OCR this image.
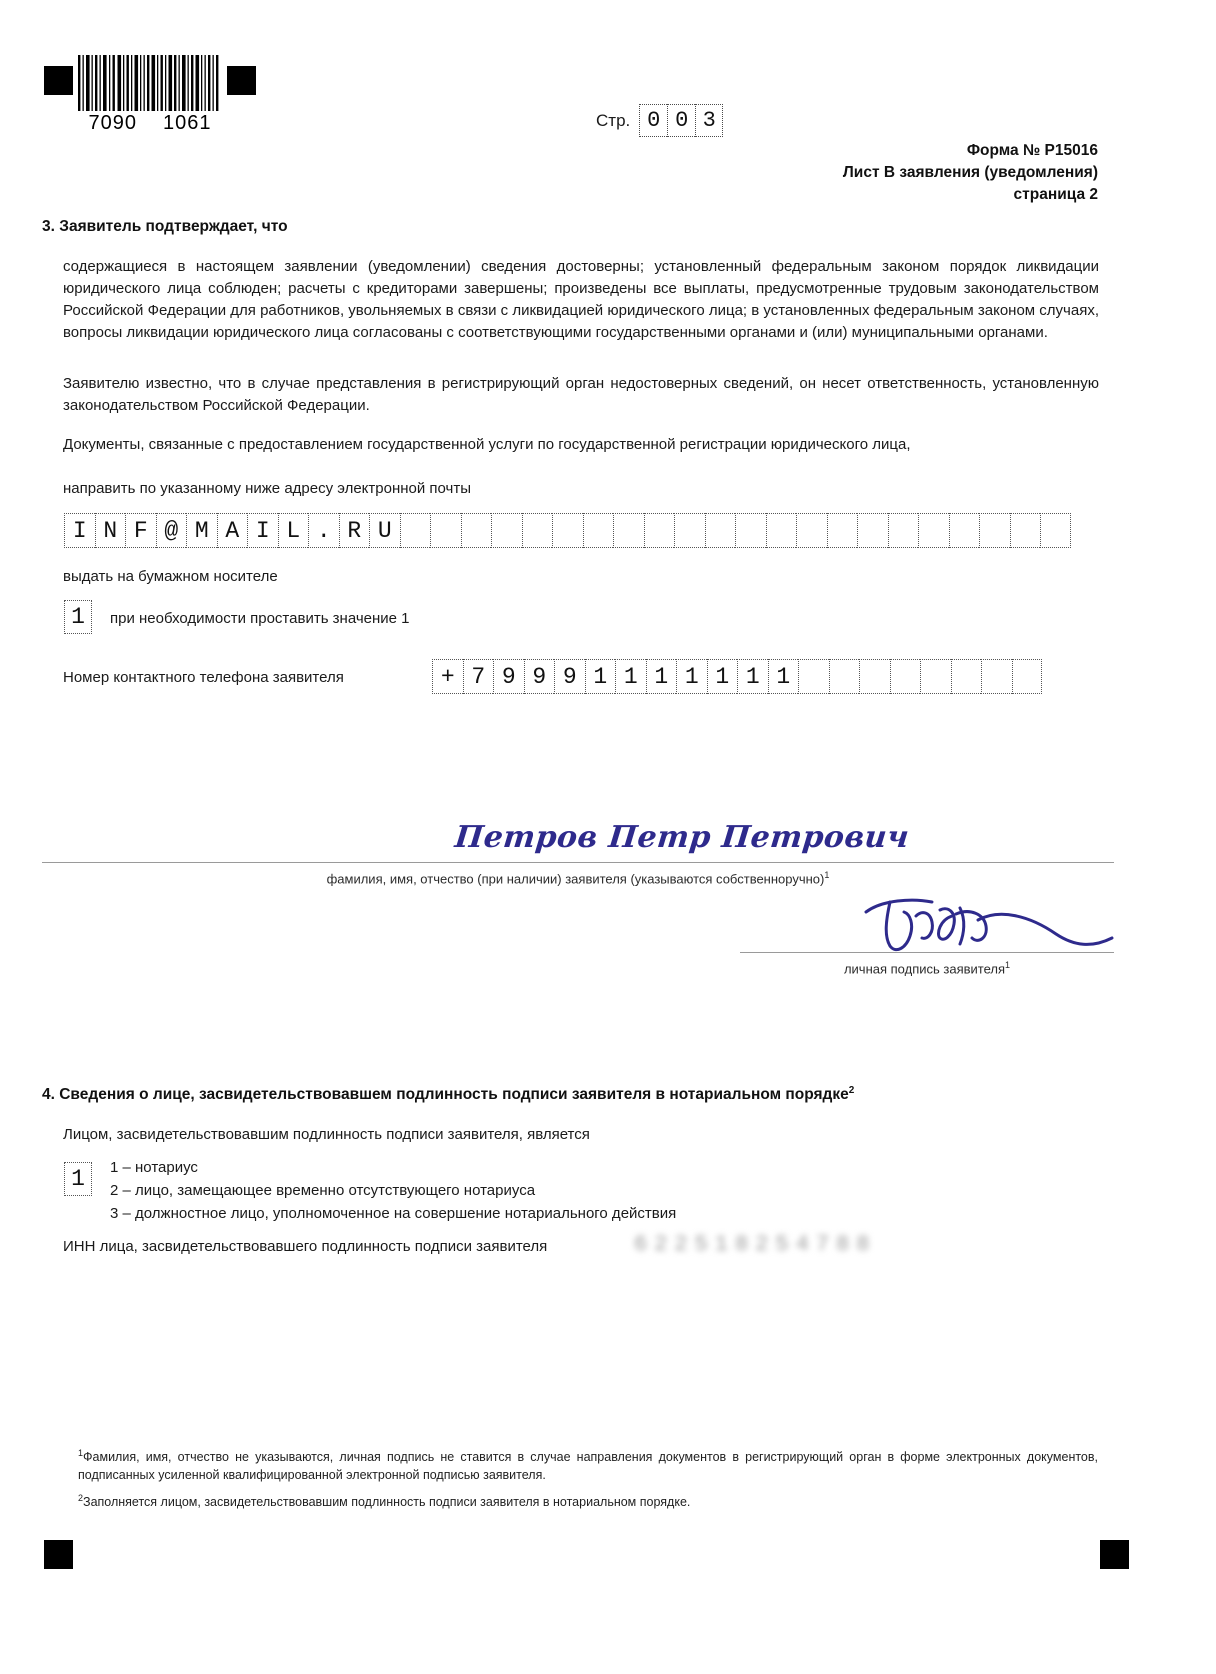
7090 1061	Стр. 0 0 3
Форма № Р15016
Лист В заявления (уведомления)
страница 2
3. Заявитель подтверждает, что
содержащиеся в настоящем заявлении (уведомлении) сведения достоверны; установленный федеральным законом порядок ликвидации юридического лица соблюден; расчеты с кредиторами завершены; произведены все выплаты, предусмотренные трудовым законодательством Российской Федерации для работников, увольняемых в связи с ликвидацией юридического лица; в установленных федеральным законом случаях, вопросы ликвидации юридического лица согласованы с соответствующими государственными органами и (или) муниципальными органами.
Заявителю известно, что в случае представления в регистрирующий орган недостоверных сведений, он несет ответственность, установленную законодательством Российской Федерации.
Документы, связанные с предоставлением государственной услуги по государственной регистрации юридического лица,
направить по указанному ниже адресу электронной почты
I N F @ M A I L . R U
выдать на бумажном носителе
1	при необходимости проставить значение 1
Номер контактного телефона заявителя	+ 7 9 9 9 1 1 1 1 1 1 1
Петров Петр Петрович
фамилия, имя, отчество (при наличии) заявителя (указываются собственноручно)$^1$
личная подпись заявителя$^1$
4. Сведения о лице, засвидетельствовавшем подлинность подписи заявителя в нотариальном порядке$^2$
Лицом, засвидетельствовавшим подлинность подписи заявителя, является
1	1 – нотариус
2 – лицо, замещающее временно отсутствующего нотариуса
3 – должностное лицо, уполномоченное на совершение нотариального действия
ИНН лица, засвидетельствовавшего подлинность подписи заявителя	622518254788

$^1$Фамилия, имя, отчество не указываются, личная подпись не ставится в случае направления документов в регистрирующий орган в форме электронных документов, подписанных усиленной квалифицированной электронной подписью заявителя.

$^2$Заполняется лицом, засвидетельствовавшим подлинность подписи заявителя в нотариальном порядке.
